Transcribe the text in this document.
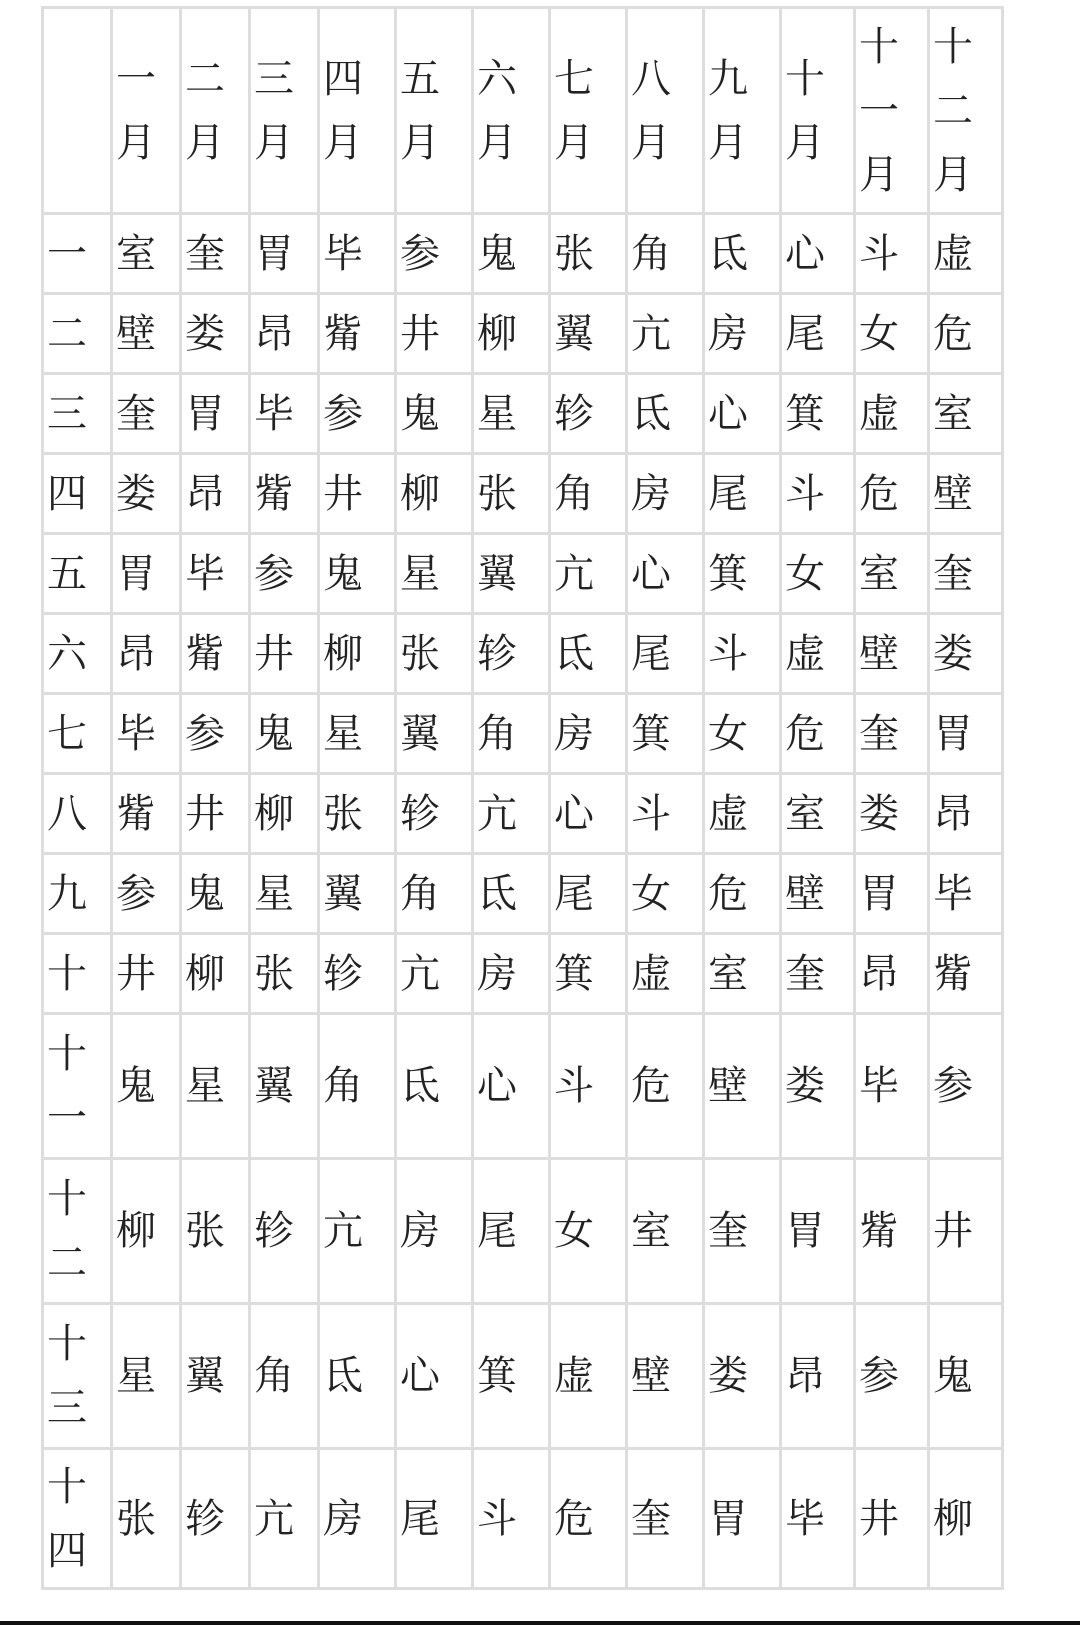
	一月	二月	三月	四月	五月	六月	七月	八月	九月	十月	十一月	十二月

一	室	奎	胃	毕	参	鬼	张	角	氐	心	斗	虚

二	壁	娄	昂	觜	井	柳	翼	亢	房	尾	女	危

三	奎	胃	毕	参	鬼	星	轸	氐	心	箕	虚	室

四	娄	昂	觜	井	柳	张	角	房	尾	斗	危	壁

五	胃	毕	参	鬼	星	翼	亢	心	箕	女	室	奎

六	昂	觜	井	柳	张	轸	氐	尾	斗	虚	壁	娄

七	毕	参	鬼	星	翼	角	房	箕	女	危	奎	胃

八	觜	井	柳	张	轸	亢	心	斗	虚	室	娄	昂

九	参	鬼	星	翼	角	氐	尾	女	危	壁	胃	毕

十	井	柳	张	轸	亢	房	箕	虚	室	奎	昂	觜

十一	鬼	星	翼	角	氐	心	斗	危	壁	娄	毕	参

十二	柳	张	轸	亢	房	尾	女	室	奎	胃	觜	井

十三	星	翼	角	氐	心	箕	虚	壁	娄	昂	参	鬼

十四	张	轸	亢	房	尾	斗	危	奎	胃	毕	井	柳
